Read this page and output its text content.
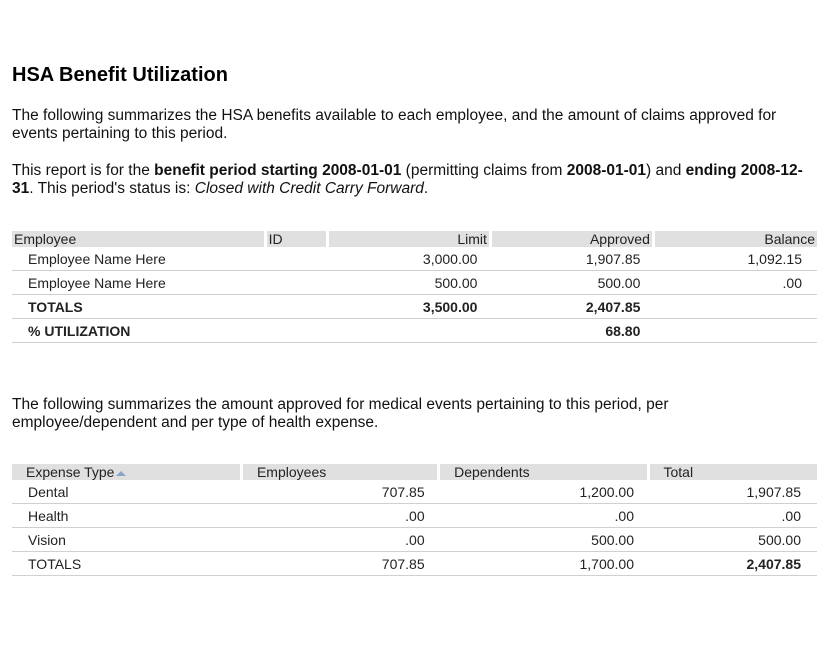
HSA Benefit Utilization

The following summarizes the HSA benefits available to each employee, and the amount of claims approved for events pertaining to this period.

This report is for the benefit period starting 2008-01-01 (permitting claims from 2008-01-01) and ending 2008-12-31. This period's status is: Closed with Credit Carry Forward.

Employee	ID	Limit	Approved	Balance
Employee Name Here		3,000.00	1,907.85	1,092.15
Employee Name Here		500.00	500.00	.00
TOTALS		3,500.00	2,407.85	
% UTILIZATION			68.80	

The following summarizes the amount approved for medical events pertaining to this period, per employee/dependent and per type of health expense.

Expense Type	Employees	Dependents	Total
Dental	707.85	1,200.00	1,907.85
Health	.00	.00	.00
Vision	.00	500.00	500.00
TOTALS	707.85	1,700.00	2,407.85
